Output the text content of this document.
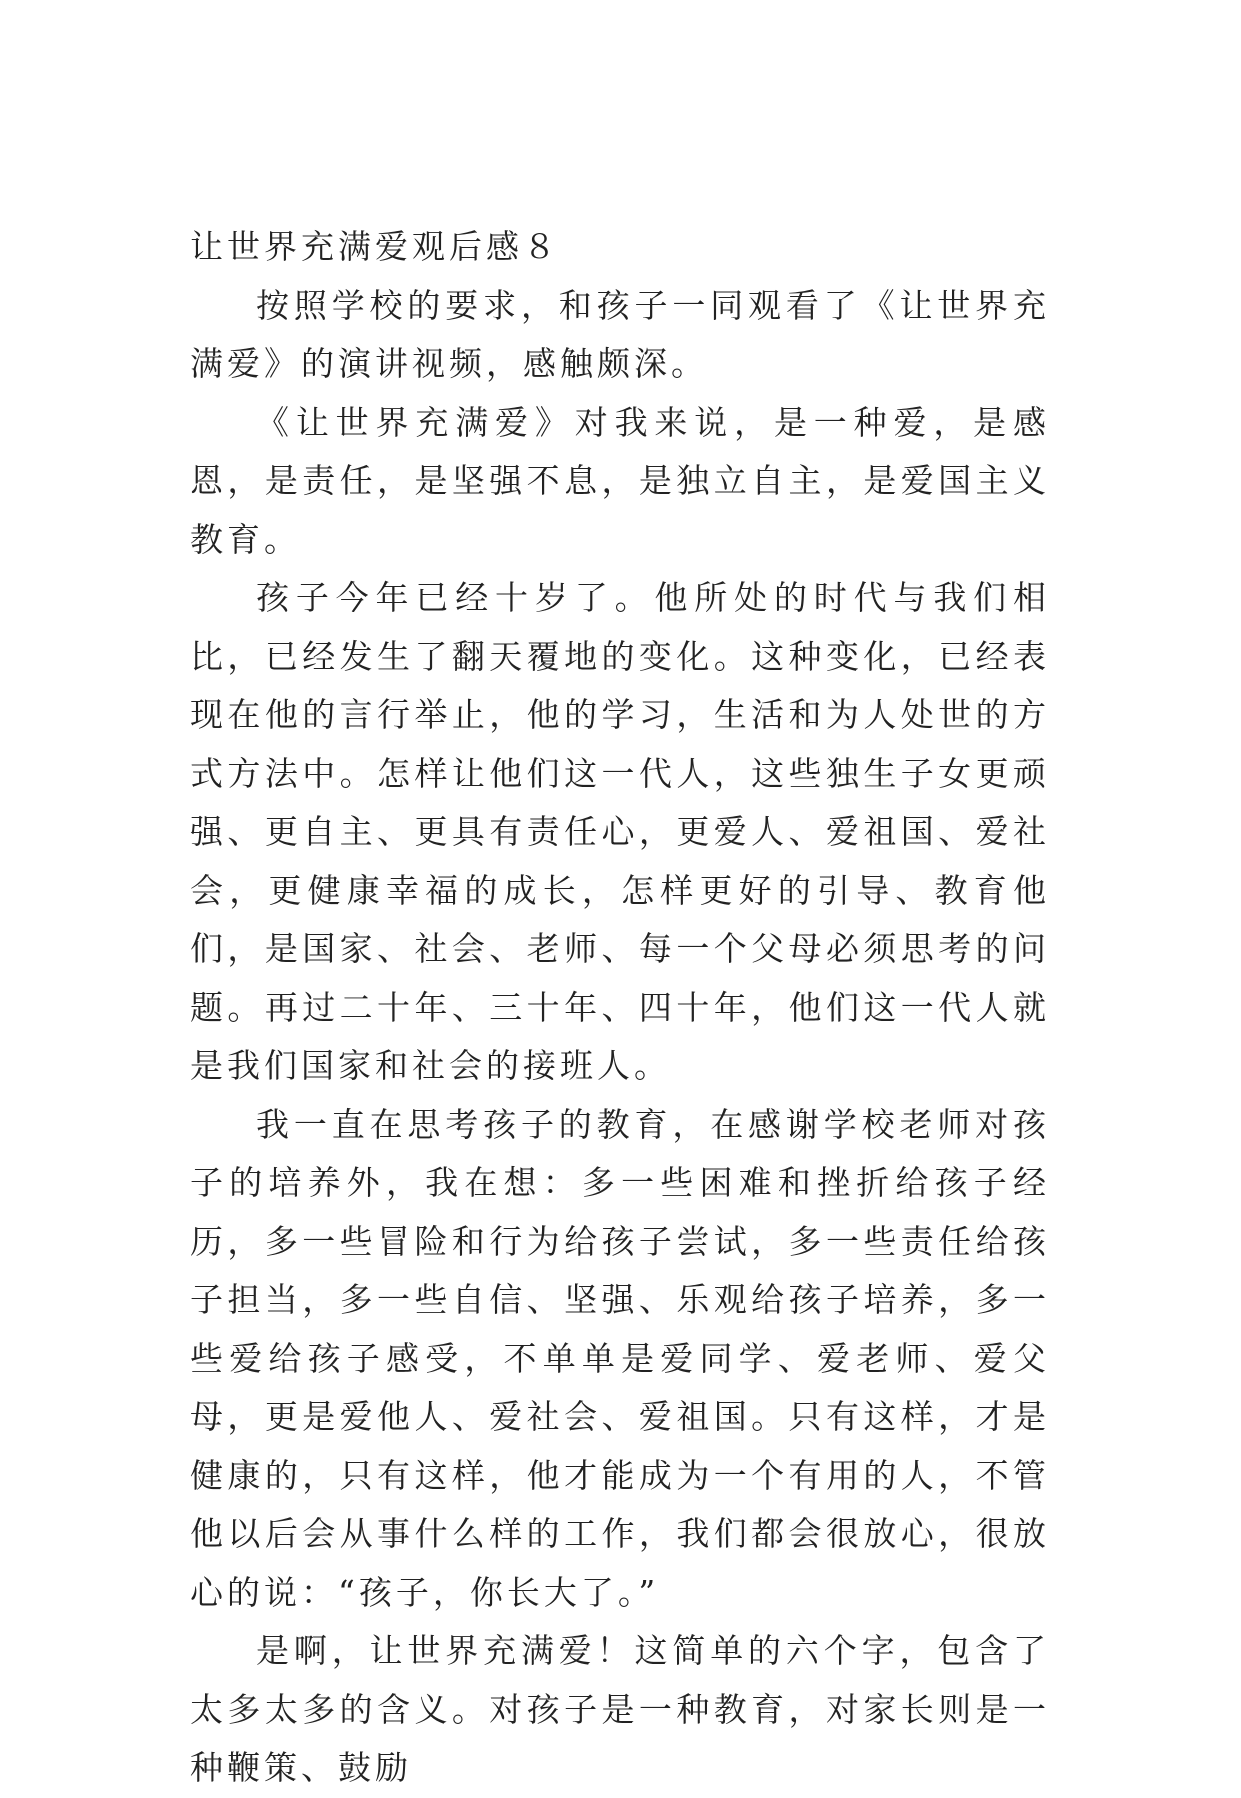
让世界充满爱观后感８

按照学校的要求，和孩子一同观看了《让世界充满爱》的演讲视频，感触颇深。

《让世界充满爱》对我来说，是一种爱，是感恩，是责任，是坚强不息，是独立自主，是爱国主义教育。

孩子今年已经十岁了。他所处的时代与我们相比，已经发生了翻天覆地的变化。这种变化，已经表现在他的言行举止，他的学习，生活和为人处世的方式方法中。怎样让他们这一代人，这些独生子女更顽强、更自主、更具有责任心，更爱人、爱祖国、爱社会，更健康幸福的成长，怎样更好的引导、教育他们，是国家、社会、老师、每一个父母必须思考的问题。再过二十年、三十年、四十年，他们这一代人就是我们国家和社会的接班人。

我一直在思考孩子的教育，在感谢学校老师对孩子的培养外，我在想：多一些困难和挫折给孩子经历，多一些冒险和行为给孩子尝试，多一些责任给孩子担当，多一些自信、坚强、乐观给孩子培养，多一些爱给孩子感受，不单单是爱同学、爱老师、爱父母，更是爱他人、爱社会、爱祖国。只有这样，才是健康的，只有这样，他才能成为一个有用的人，不管他以后会从事什么样的工作，我们都会很放心，很放心的说：“孩子，你长大了。”

是啊，让世界充满爱！这简单的六个字，包含了太多太多的含义。对孩子是一种教育，对家长则是一种鞭策、鼓励
